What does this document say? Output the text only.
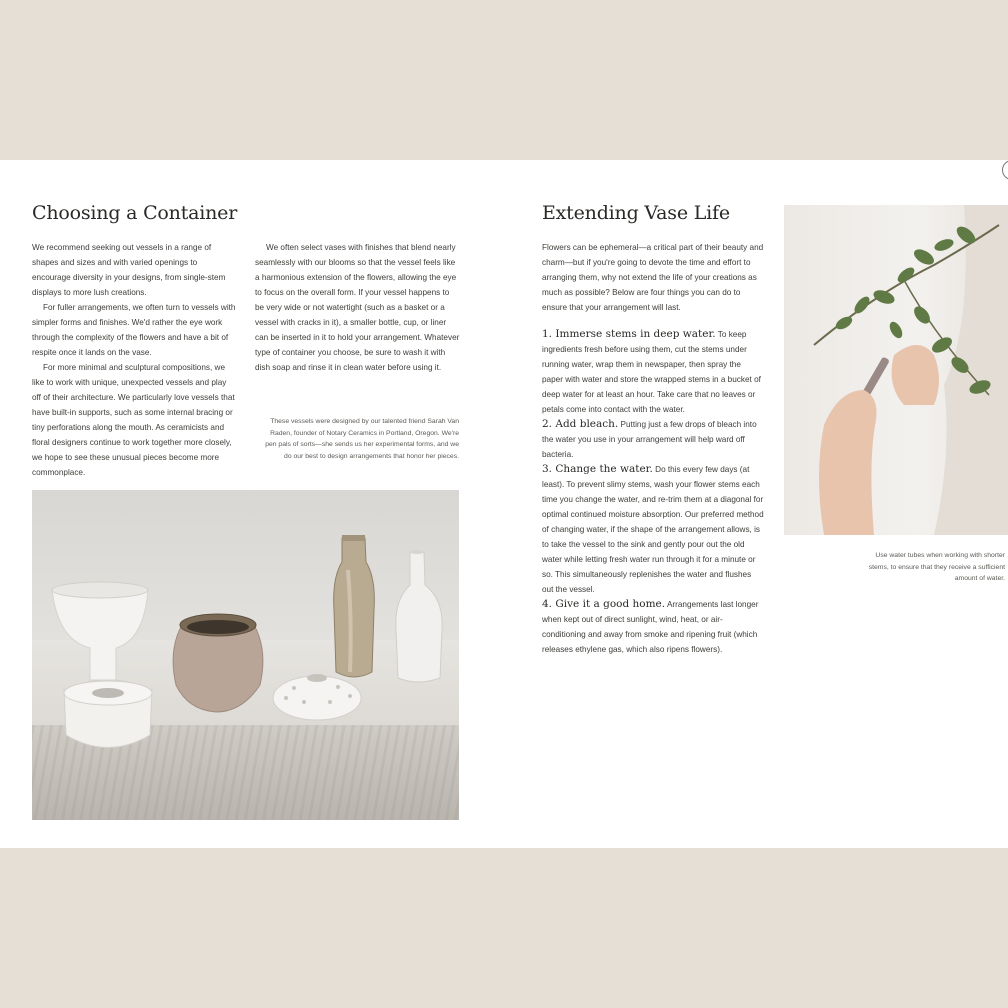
Choosing a Container

We recommend seeking out vessels in a range of shapes and sizes and with varied openings to encourage diversity in your designs, from single-stem displays to more lush creations.

For fuller arrangements, we often turn to vessels with simpler forms and finishes. We'd rather the eye work through the complexity of the flowers and have a bit of respite once it lands on the vase.

For more minimal and sculptural compositions, we like to work with unique, unexpected vessels and play off of their architecture. We particularly love vessels that have built-in supports, such as some internal bracing or tiny perforations along the mouth. As ceramicists and floral designers continue to work together more closely, we hope to see these unusual pieces become more commonplace.

We often select vases with finishes that blend nearly seamlessly with our blooms so that the vessel feels like a harmonious extension of the flowers, allowing the eye to focus on the overall form. If your vessel happens to be very wide or not watertight (such as a basket or a vessel with cracks in it), a smaller bottle, cup, or liner can be inserted in it to hold your arrangement. Whatever type of container you choose, be sure to wash it with dish soap and rinse it in clean water before using it.

These vessels were designed by our talented friend Sarah Van Raden, founder of Notary Ceramics in Portland, Oregon. We're pen pals of sorts—she sends us her experimental forms, and we do our best to design arrangements that honor her pieces.
Extending Vase Life

Flowers can be ephemeral—a critical part of their beauty and charm—but if you're going to devote the time and effort to arranging them, why not extend the life of your creations as much as possible? Below are four things you can do to ensure that your arrangement will last.

1. Immerse stems in deep water. To keep ingredients fresh before using them, cut the stems under running water, wrap them in newspaper, then spray the paper with water and store the wrapped stems in a bucket of deep water for at least an hour. Take care that no leaves or petals come into contact with the water.

2. Add bleach. Putting just a few drops of bleach into the water you use in your arrangement will help ward off bacteria.

3. Change the water. Do this every few days (at least). To prevent slimy stems, wash your flower stems each time you change the water, and re-trim them at a diagonal for optimal continued moisture absorption. Our preferred method of changing water, if the shape of the arrangement allows, is to take the vessel to the sink and gently pour out the old water while letting fresh water run through it for a minute or so. This simultaneously replenishes the water and flushes out the vessel.

4. Give it a good home. Arrangements last longer when kept out of direct sunlight, wind, heat, or air-conditioning and away from smoke and ripening fruit (which releases ethylene gas, which also ripens flowers).

Use water tubes when working with shorter stems, to ensure that they receive a sufficient amount of water.
